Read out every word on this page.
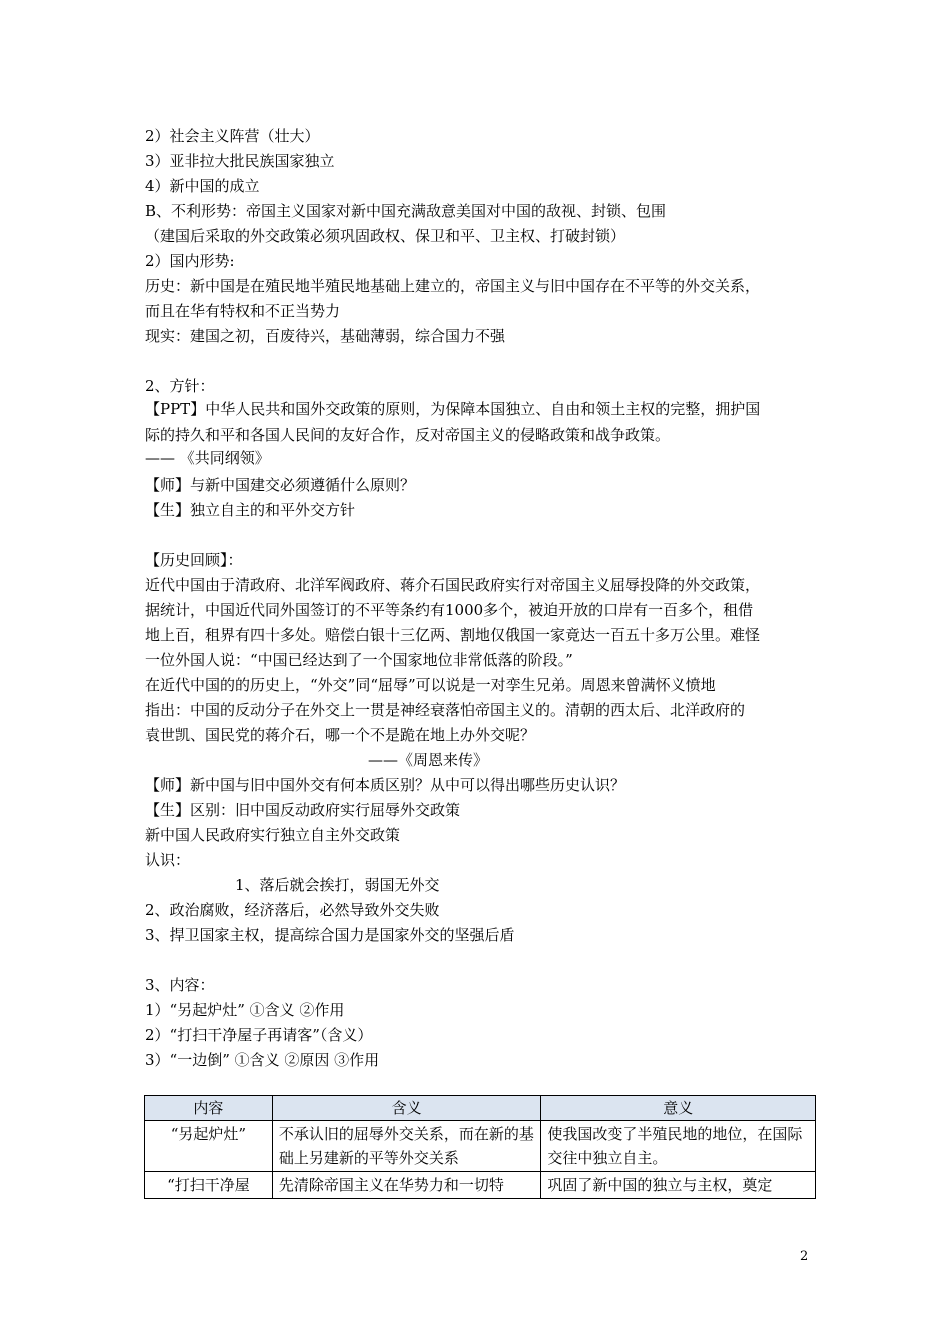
2）社会主义阵营（壮大）
3）亚非拉大批民族国家独立
4）新中国的成立
B、不利形势：帝国主义国家对新中国充满敌意美国对中国的敌视、封锁、包围
（建国后采取的外交政策必须巩固政权、保卫和平、卫主权、打破封锁）
2）国内形势:
历史：新中国是在殖民地半殖民地基础上建立的，帝国主义与旧中国存在不平等的外交关系，
而且在华有特权和不正当势力
现实：建国之初，百废待兴，基础薄弱，综合国力不强
2、方针：
【PPT】中华人民共和国外交政策的原则，为保障本国独立、自由和领土主权的完整，拥护国
际的持久和平和各国人民间的友好合作，反对帝国主义的侵略政策和战争政策。
—— 《共同纲领》
【师】与新中国建交必须遵循什么原则？
【生】独立自主的和平外交方针
【历史回顾】：
近代中国由于清政府、北洋军阀政府、蒋介石国民政府实行对帝国主义屈辱投降的外交政策，
据统计，中国近代同外国签订的不平等条约有1000多个，被迫开放的口岸有一百多个，租借
地上百，租界有四十多处。赔偿白银十三亿两、割地仅俄国一家竟达一百五十多万公里。难怪
一位外国人说：“中国已经达到了一个国家地位非常低落的阶段。”
在近代中国的的历史上，“外交”同“屈辱”可以说是一对孪生兄弟。周恩来曾满怀义愤地
指出：中国的反动分子在外交上一贯是神经衰落怕帝国主义的。清朝的西太后、北洋政府的
袁世凯、国民党的蒋介石，哪一个不是跪在地上办外交呢？
——《周恩来传》
【师】新中国与旧中国外交有何本质区别？从中可以得出哪些历史认识？
【生】区别：旧中国反动政府实行屈辱外交政策
新中国人民政府实行独立自主外交政策
认识：
1、落后就会挨打，弱国无外交
2、政治腐败，经济落后，必然导致外交失败
3、捍卫国家主权，提高综合国力是国家外交的坚强后盾
3、内容：
1）“另起炉灶” ①含义 ②作用
2）“打扫干净屋子再请客”（含义）
3）“一边倒” ①含义 ②原因 ③作用
内容	含义	意义
“另起炉灶”	不承认旧的屈辱外交关系，而在新的基础上另建新的平等外交关系	使我国改变了半殖民地的地位，在国际交往中独立自主。
“打扫干净屋	先清除帝国主义在华势力和一切特	巩固了新中国的独立与主权，奠定
2
